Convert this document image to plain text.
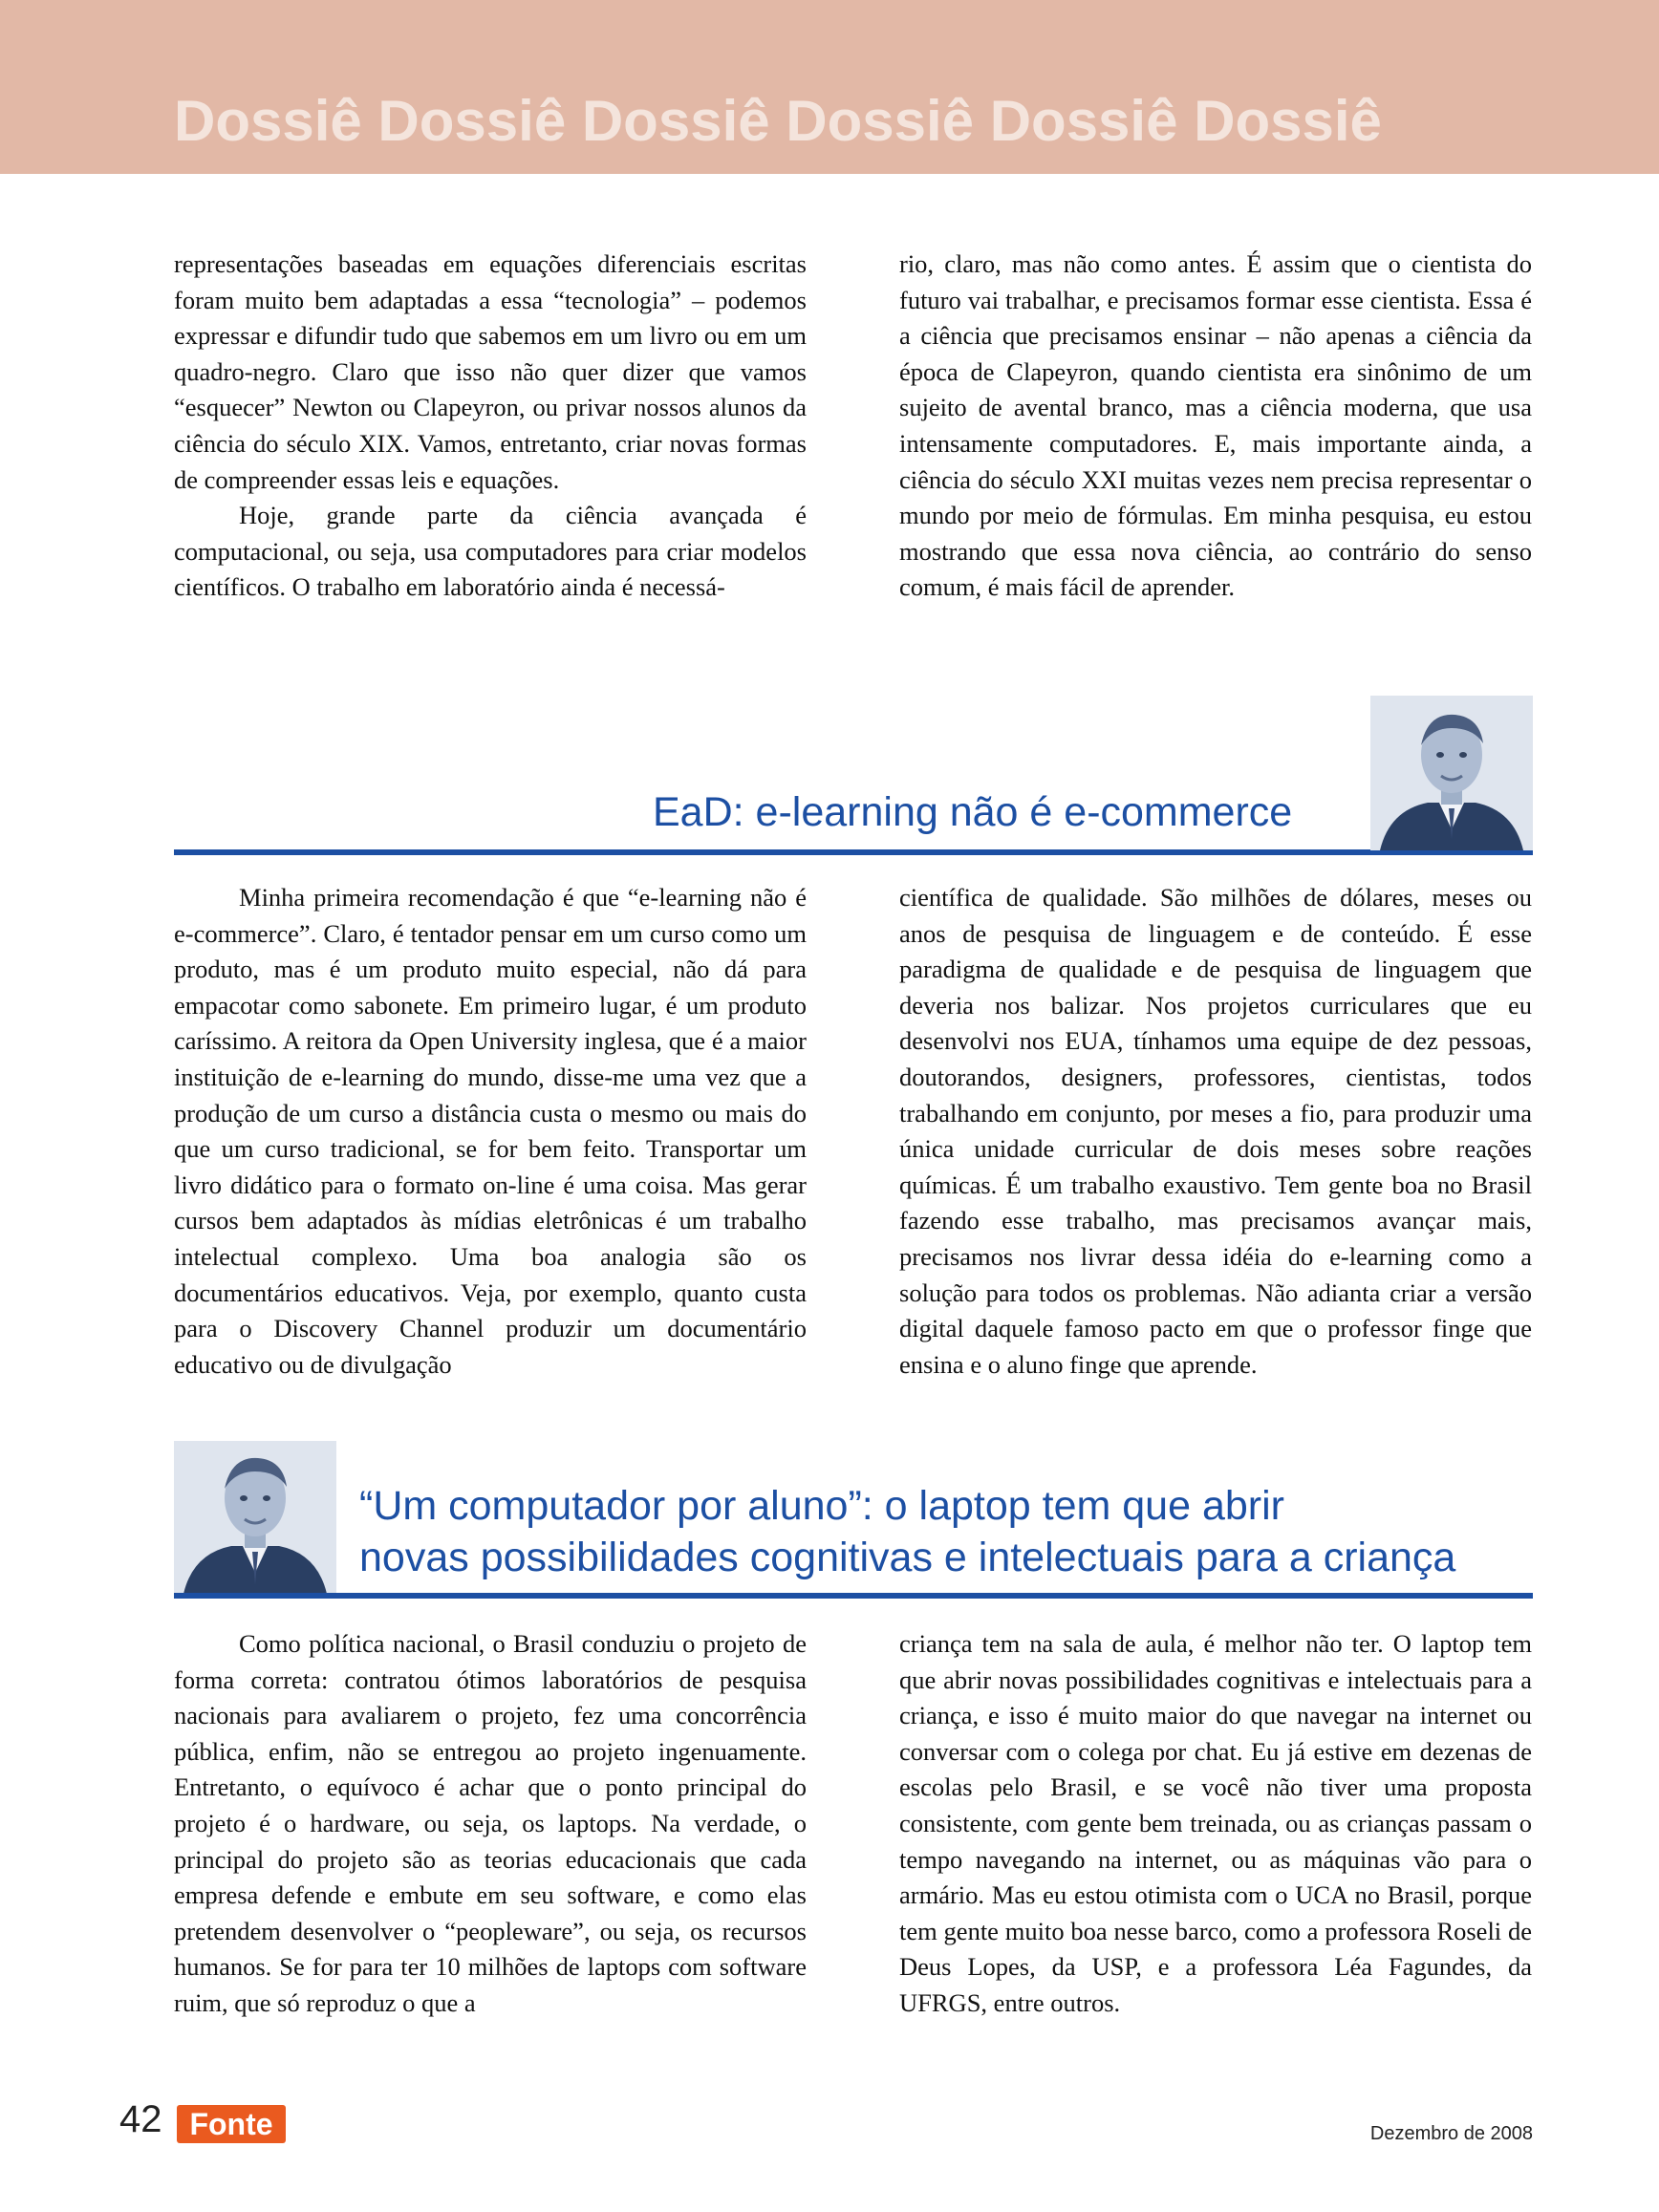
Dossiê Dossiê Dossiê Dossiê Dossiê Dossiê

representações baseadas em equações diferenciais escritas foram muito bem adaptadas a essa “tecnologia” – podemos expressar e difundir tudo que sabemos em um livro ou em um quadro-negro. Claro que isso não quer dizer que vamos “esquecer” Newton ou Clapeyron, ou privar nossos alunos da ciência do século XIX. Vamos, entretanto, criar novas formas de compreender essas leis e equações.

Hoje, grande parte da ciência avançada é computacional, ou seja, usa computadores para criar modelos científicos. O trabalho em laboratório ainda é necessá-

rio, claro, mas não como antes. É assim que o cientista do futuro vai trabalhar, e precisamos formar esse cientista. Essa é a ciência que precisamos ensinar – não apenas a ciência da época de Clapeyron, quando cientista era sinônimo de um sujeito de avental branco, mas a ciência moderna, que usa intensamente computadores. E, mais importante ainda, a ciência do século XXI muitas vezes nem precisa representar o mundo por meio de fórmulas. Em minha pesquisa, eu estou mostrando que essa nova ciência, ao contrário do senso comum, é mais fácil de aprender.

EaD: e-learning não é e-commerce

Minha primeira recomendação é que “e-learning não é e-commerce”. Claro, é tentador pensar em um curso como um produto, mas é um produto muito especial, não dá para empacotar como sabonete. Em primeiro lugar, é um produto caríssimo. A reitora da Open University inglesa, que é a maior instituição de e-learning do mundo, disse-me uma vez que a produção de um curso a distância custa o mesmo ou mais do que um curso tradicional, se for bem feito. Transportar um livro didático para o formato on-line é uma coisa. Mas gerar cursos bem adaptados às mídias eletrônicas é um trabalho intelectual complexo. Uma boa analogia são os documentários educativos. Veja, por exemplo, quanto custa para o Discovery Channel produzir um documentário educativo ou de divulgação

científica de qualidade. São milhões de dólares, meses ou anos de pesquisa de linguagem e de conteúdo. É esse paradigma de qualidade e de pesquisa de linguagem que deveria nos balizar. Nos projetos curriculares que eu desenvolvi nos EUA, tínhamos uma equipe de dez pessoas, doutorandos, designers, professores, cientistas, todos trabalhando em conjunto, por meses a fio, para produzir uma única unidade curricular de dois meses sobre reações químicas. É um trabalho exaustivo. Tem gente boa no Brasil fazendo esse trabalho, mas precisamos avançar mais, precisamos nos livrar dessa idéia do e-learning como a solução para todos os problemas. Não adianta criar a versão digital daquele famoso pacto em que o professor finge que ensina e o aluno finge que aprende.

“Um computador por aluno”: o laptop tem que abrir
novas possibilidades cognitivas e intelectuais para a criança

Como política nacional, o Brasil conduziu o projeto de forma correta: contratou ótimos laboratórios de pesquisa nacionais para avaliarem o projeto, fez uma concorrência pública, enfim, não se entregou ao projeto ingenuamente. Entretanto, o equívoco é achar que o ponto principal do projeto é o hardware, ou seja, os laptops. Na verdade, o principal do projeto são as teorias educacionais que cada empresa defende e embute em seu software, e como elas pretendem desenvolver o “peopleware”, ou seja, os recursos humanos. Se for para ter 10 milhões de laptops com software ruim, que só reproduz o que a

criança tem na sala de aula, é melhor não ter. O laptop tem que abrir novas possibilidades cognitivas e intelectuais para a criança, e isso é muito maior do que navegar na internet ou conversar com o colega por chat. Eu já estive em dezenas de escolas pelo Brasil, e se você não tiver uma proposta consistente, com gente bem treinada, ou as crianças passam o tempo navegando na internet, ou as máquinas vão para o armário. Mas eu estou otimista com o UCA no Brasil, porque tem gente muito boa nesse barco, como a professora Roseli de Deus Lopes, da USP, e a professora Léa Fagundes, da UFRGS, entre outros.

42 Fonte	Dezembro de 2008
